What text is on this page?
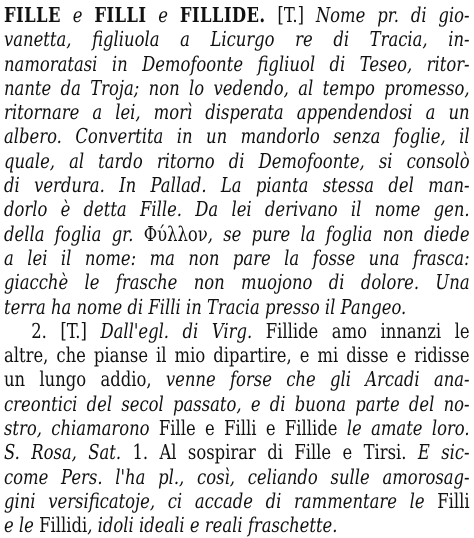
FILLE e FILLI e FILLIDE. [T.] Nome pr. di gio-
vanetta, figliuola a Licurgo re di Tracia, in-
namoratasi in Demofoonte figliuol di Teseo, ritor-
nante da Troja; non lo vedendo, al tempo promesso,
ritornare a lei, morì disperata appendendosi a un
albero. Convertita in un mandorlo senza foglie, il
quale, al tardo ritorno di Demofoonte, si consolò
di verdura. In Pallad. La pianta stessa del man-
dorlo è detta Fille. Da lei derivano il nome gen.
della foglia gr. Φύλλον, se pure la foglia non diede
a lei il nome: ma non pare la fosse una frasca:
giacchè le frasche non muojono di dolore. Una
terra ha nome di Filli in Tracia presso il Pangeo.
2. [T.] Dall'egl. di Virg. Fillide amo innanzi le
altre, che pianse il mio dipartire, e mi disse e ridisse
un lungo addio, venne forse che gli Arcadi ana-
creontici del secol passato, e di buona parte del no-
stro, chiamarono Fille e Filli e Fillide le amate loro.
S. Rosa, Sat. 1. Al sospirar di Fille e Tirsi. E sic-
come Pers. l'ha pl., così, celiando sulle amorosag-
gini versificatoje, ci accade di rammentare le Filli
e le Fillidi, idoli ideali e reali fraschette.
